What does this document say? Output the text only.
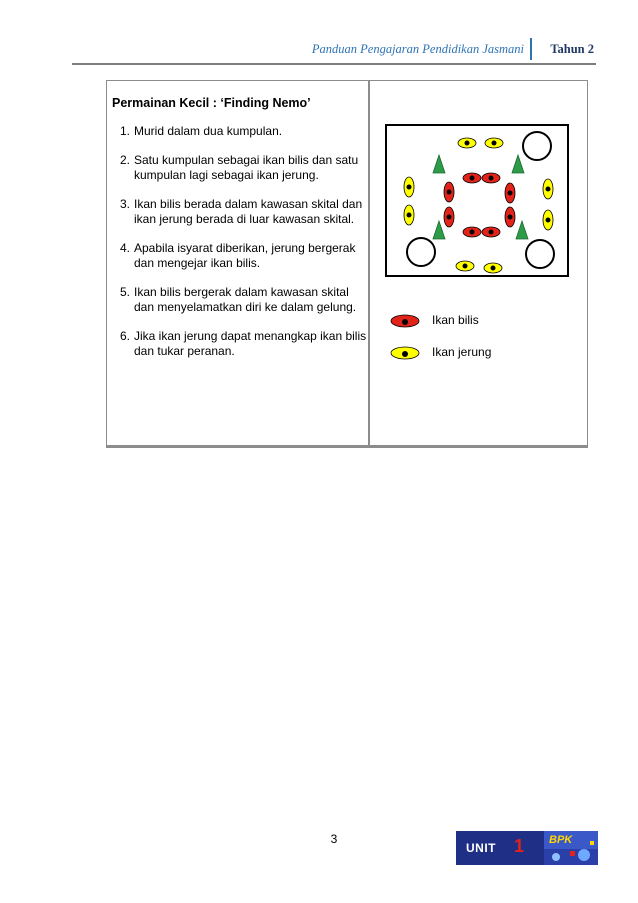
Panduan Pengajaran Pendidikan Jasmani Tahun 2
Permainan Kecil : ‘Finding Nemo’
1. Murid dalam dua kumpulan.
2. Satu kumpulan sebagai ikan bilis dan satu kumpulan lagi sebagai ikan jerung.
3. Ikan bilis berada dalam kawasan skital dan ikan jerung berada di luar kawasan skital.
4. Apabila isyarat diberikan, jerung bergerak dan mengejar ikan bilis.
5. Ikan bilis bergerak dalam kawasan skital dan menyelamatkan diri ke dalam gelung.
6. Jika ikan jerung dapat menangkap ikan bilis dan tukar peranan.
Ikan bilis
Ikan jerung
3
UNIT 1 BPK
